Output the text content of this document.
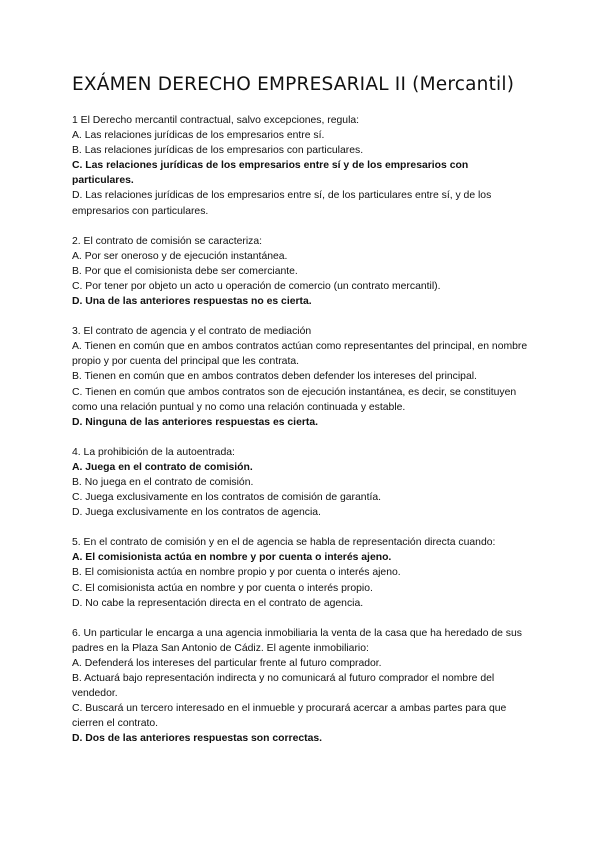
EXÁMEN DERECHO EMPRESARIAL II (Mercantil)
1 El Derecho mercantil contractual, salvo excepciones, regula:
A. Las relaciones jurídicas de los empresarios entre sí.
B. Las relaciones jurídicas de los empresarios con particulares.
C. Las relaciones jurídicas de los empresarios entre sí y de los empresarios con particulares.
D. Las relaciones jurídicas de los empresarios entre sí, de los particulares entre sí, y de los empresarios con particulares.
2. El contrato de comisión se caracteriza:
A. Por ser oneroso y de ejecución instantánea.
B. Por que el comisionista debe ser comerciante.
C. Por tener por objeto un acto u operación de comercio (un contrato mercantil).
D. Una de las anteriores respuestas no es cierta.
3. El contrato de agencia y el contrato de mediación
A. Tienen en común que en ambos contratos actúan como representantes del principal, en nombre propio y por cuenta del principal que les contrata.
B. Tienen en común que en ambos contratos deben defender los intereses del principal.
C. Tienen en común que ambos contratos son de ejecución instantánea, es decir, se constituyen como una relación puntual y no como una relación continuada y estable.
D. Ninguna de las anteriores respuestas es cierta.
4. La prohibición de la autoentrada:
A. Juega en el contrato de comisión.
B. No juega en el contrato de comisión.
C. Juega exclusivamente en los contratos de comisión de garantía.
D. Juega exclusivamente en los contratos de agencia.
5. En el contrato de comisión y en el de agencia se habla de representación directa cuando:
A. El comisionista actúa en nombre y por cuenta o interés ajeno.
B. El comisionista actúa en nombre propio y por cuenta o interés ajeno.
C. El comisionista actúa en nombre y por cuenta o interés propio.
D. No cabe la representación directa en el contrato de agencia.
6. Un particular le encarga a una agencia inmobiliaria la venta de la casa que ha heredado de sus padres en la Plaza San Antonio de Cádiz. El agente inmobiliario:
A. Defenderá los intereses del particular frente al futuro comprador.
B. Actuará bajo representación indirecta y no comunicará al futuro comprador el nombre del vendedor.
C. Buscará un tercero interesado en el inmueble y procurará acercar a ambas partes para que cierren el contrato.
D. Dos de las anteriores respuestas son correctas.
